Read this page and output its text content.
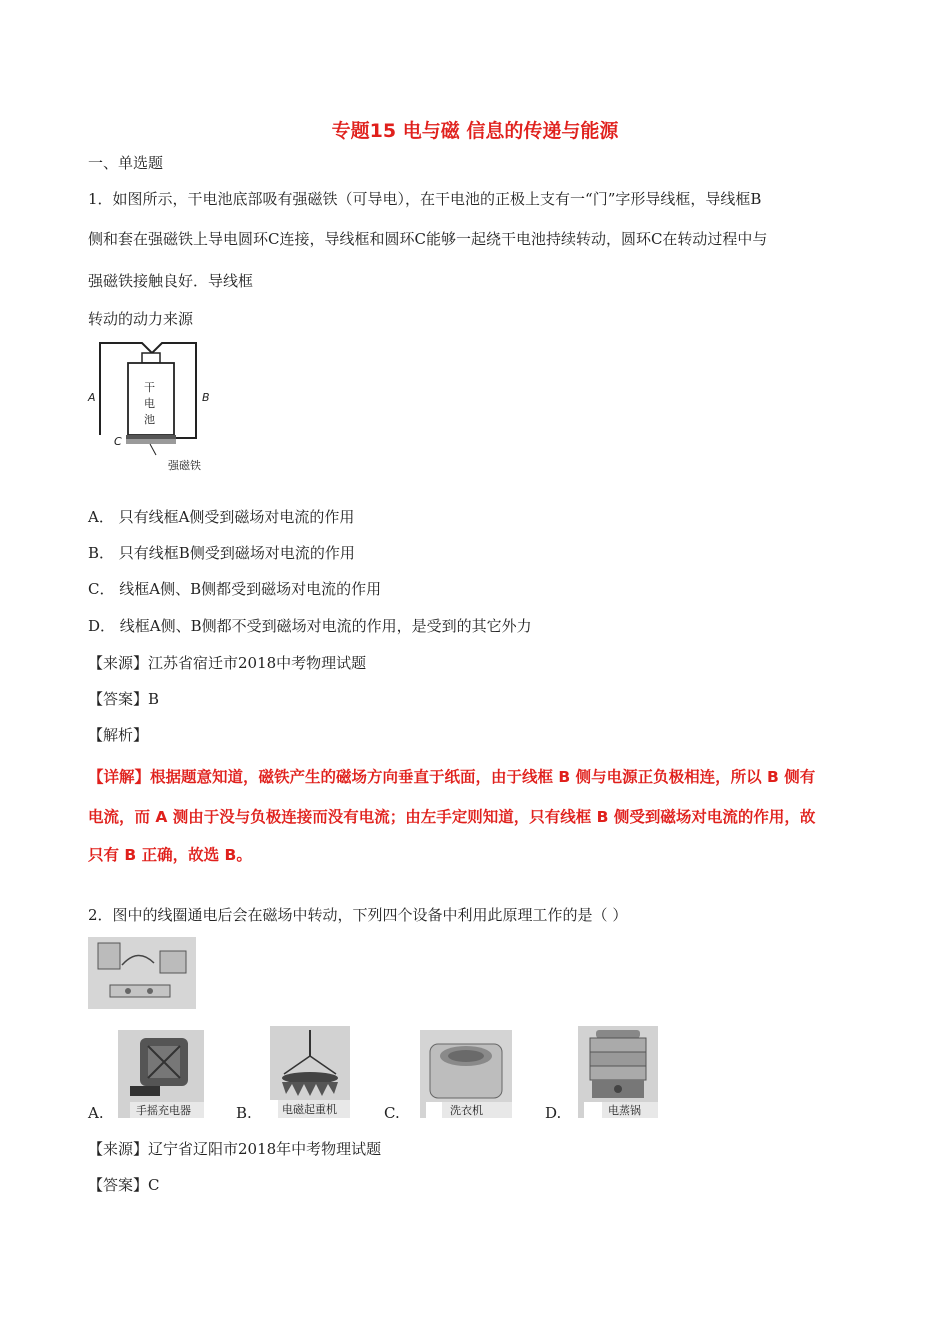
专题15 电与磁 信息的传递与能源
一、单选题
1．如图所示，干电池底部吸有强磁铁（可导电），在干电池的正极上支有一“门”字形导线框，导线框B
侧和套在强磁铁上导电圆环C连接，导线框和圆环C能够一起绕干电池持续转动，圆环C在转动过程中与
强磁铁接触良好．导线框
转动的动力来源
A	B
C
干
电
池
强磁铁
A． 只有线框A侧受到磁场对电流的作用
B． 只有线框B侧受到磁场对电流的作用
C． 线框A侧、B侧都受到磁场对电流的作用
D． 线框A侧、B侧都不受到磁场对电流的作用，是受到的其它外力
【来源】江苏省宿迁市2018中考物理试题
【答案】B
【解析】
【详解】根据题意知道，磁铁产生的磁场方向垂直于纸面，由于线框 B 侧与电源正负极相连，所以 B 侧有
电流，而 A 测由于没与负极连接而没有电流；由左手定则知道，只有线框 B 侧受到磁场对电流的作用，故
只有 B 正确，故选 B。
2．图中的线圈通电后会在磁场中转动，下列四个设备中利用此原理工作的是（ ）
A.	手摇充电器	B.	电磁起重机	C.	洗衣机	D.	电蒸锅
【来源】辽宁省辽阳市2018年中考物理试题
【答案】C
